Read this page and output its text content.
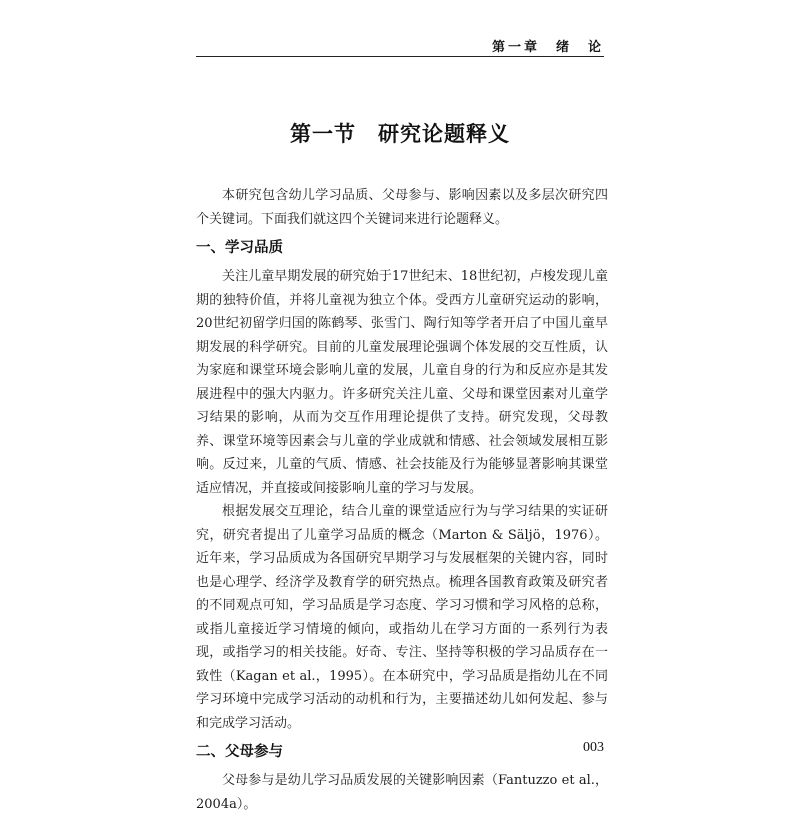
第一章　绪　论
第一节　研究论题释义

本研究包含幼儿学习品质、父母参与、影响因素以及多层次研究四个关键词。下面我们就这四个关键词来进行论题释义。

一、学习品质

关注儿童早期发展的研究始于17世纪末、18世纪初，卢梭发现儿童期的独特价值，并将儿童视为独立个体。受西方儿童研究运动的影响，20世纪初留学归国的陈鹤琴、张雪门、陶行知等学者开启了中国儿童早期发展的科学研究。目前的儿童发展理论强调个体发展的交互性质，认为家庭和课堂环境会影响儿童的发展，儿童自身的行为和反应亦是其发展进程中的强大内驱力。许多研究关注儿童、父母和课堂因素对儿童学习结果的影响，从而为交互作用理论提供了支持。研究发现，父母教养、课堂环境等因素会与儿童的学业成就和情感、社会领域发展相互影响。反过来，儿童的气质、情感、社会技能及行为能够显著影响其课堂适应情况，并直接或间接影响儿童的学习与发展。

根据发展交互理论，结合儿童的课堂适应行为与学习结果的实证研究，研究者提出了儿童学习品质的概念（Marton & Säljö，1976）。近年来，学习品质成为各国研究早期学习与发展框架的关键内容，同时也是心理学、经济学及教育学的研究热点。梳理各国教育政策及研究者的不同观点可知，学习品质是学习态度、学习习惯和学习风格的总称，或指儿童接近学习情境的倾向，或指幼儿在学习方面的一系列行为表现，或指学习的相关技能。好奇、专注、坚持等积极的学习品质存在一致性（Kagan et al.，1995）。在本研究中，学习品质是指幼儿在不同学习环境中完成学习活动的动机和行为，主要描述幼儿如何发起、参与和完成学习活动。

二、父母参与

父母参与是幼儿学习品质发展的关键影响因素（Fantuzzo et al.，2004a）。

003
